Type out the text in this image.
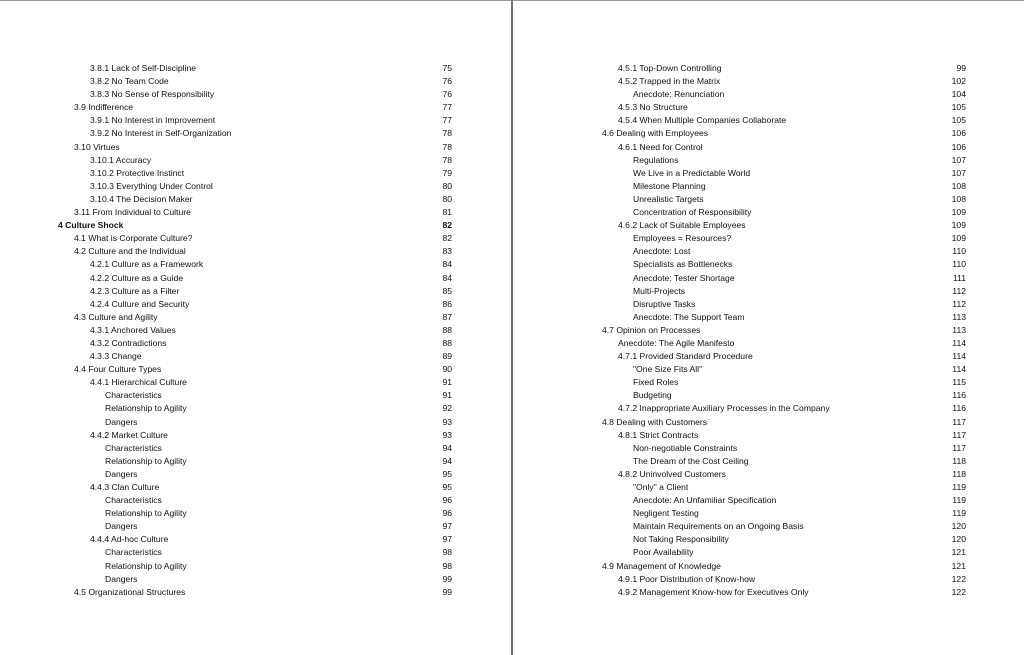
3.8.1 Lack of Self-Discipline	75
3.8.2 No Team Code	76
3.8.3 No Sense of Responsibility	76
3.9 Indifference	77
3.9.1 No Interest in Improvement	77
3.9.2 No Interest in Self-Organization	78
3.10 Virtues	78
3.10.1 Accuracy	78
3.10.2 Protective Instinct	79
3.10.3 Everything Under Control	80
3.10.4 The Decision Maker	80
3.11 From Individual to Culture	81
4 Culture Shock	82
4.1 What is Corporate Culture?	82
4.2 Culture and the Individual	83
4.2.1 Culture as a Framework	84
4.2.2 Culture as a Guide	84
4.2.3 Culture as a Filter	85
4.2.4 Culture and Security	86
4.3 Culture and Agility	87
4.3.1 Anchored Values	88
4.3.2 Contradictions	88
4.3.3 Change	89
4.4 Four Culture Types	90
4.4.1 Hierarchical Culture	91
Characteristics	91
Relationship to Agility	92
Dangers	93
4.4.2 Market Culture	93
Characteristics	94
Relationship to Agility	94
Dangers	95
4.4.3 Clan Culture	95
Characteristics	96
Relationship to Agility	96
Dangers	97
4.4.4 Ad-hoc Culture	97
Characteristics	98
Relationship to Agility	98
Dangers	99
4.5 Organizational Structures	99
4.5.1 Top-Down Controlling	99
4.5.2 Trapped in the Matrix	102
Anecdote: Renunciation	104
4.5.3 No Structure	105
4.5.4 When Multiple Companies Collaborate	105
4.6 Dealing with Employees	106
4.6.1 Need for Control	106
Regulations	107
We Live in a Predictable World	107
Milestone Planning	108
Unrealistic Targets	108
Concentration of Responsibility	109
4.6.2 Lack of Suitable Employees	109
Employees = Resources?	109
Anecdote: Lost	110
Specialists as Bottlenecks	110
Anecdote: Tester Shortage	111
Multi-Projects	112
Disruptive Tasks	112
Anecdote: The Support Team	113
4.7 Opinion on Processes	113
Anecdote: The Agile Manifesto	114
4.7.1 Provided Standard Procedure	114
"One Size Fits All"	114
Fixed Roles	115
Budgeting	116
4.7.2 Inappropriate Auxiliary Processes in the Company	116
4.8 Dealing with Customers	117
4.8.1 Strict Contracts	117
Non-negotiable Constraints	117
The Dream of the Cost Ceiling	118
4.8.2 Uninvolved Customers	118
"Only" a Client	119
Anecdote: An Unfamiliar Specification	119
Negligent Testing	119
Maintain Requirements on an Ongoing Basis	120
Not Taking Responsibility	120
Poor Availability	121
4.9 Management of Knowledge	121
4.9.1 Poor Distribution of Know-how	122
4.9.2 Management Know-how for Executives Only	122
